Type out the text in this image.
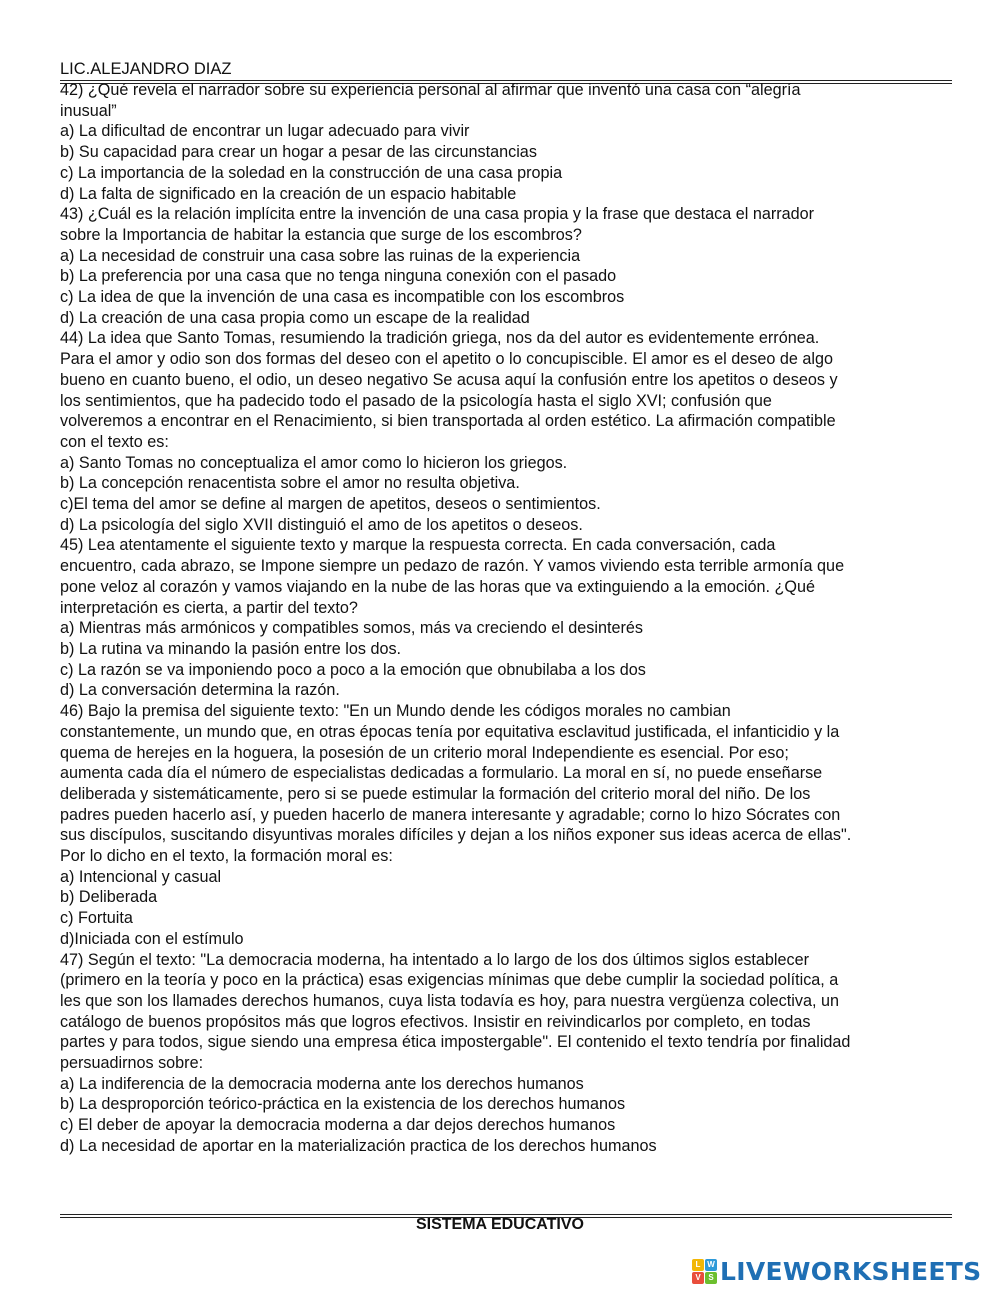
LIC.ALEJANDRO DIAZ

42) ¿Qué revela el narrador sobre su experiencia personal al afirmar que inventó una casa con “alegría

inusual”

a) La dificultad de encontrar un lugar adecuado para vivir

b) Su capacidad para crear un hogar a pesar de las circunstancias

c) La importancia de la soledad en la construcción de una casa propia

d) La falta de significado en la creación de un espacio habitable

43) ¿Cuál es la relación implícita entre la invención de una casa propia y la frase que destaca el narrador

sobre la Importancia de habitar la estancia que surge de los escombros?

a) La necesidad de construir una casa sobre las ruinas de la experiencia

b) La preferencia por una casa que no tenga ninguna conexión con el pasado

c) La idea de que la invención de una casa es incompatible con los escombros

d) La creación de una casa propia como un escape de la realidad

44) La idea que Santo Tomas, resumiendo la tradición griega, nos da del autor es evidentemente errónea.

Para el amor y odio son dos formas del deseo con el apetito o lo concupiscible. El amor es el deseo de algo

bueno en cuanto bueno, el odio, un deseo negativo Se acusa aquí la confusión entre los apetitos o deseos y

los sentimientos, que ha padecido todo el pasado de la psicología hasta el siglo XVI; confusión que

volveremos a encontrar en el Renacimiento, si bien transportada al orden estético. La afirmación compatible

con el texto es:

a) Santo Tomas no conceptualiza el amor como lo hicieron los griegos.

b) La concepción renacentista sobre el amor no resulta objetiva.

c)El tema del amor se define al margen de apetitos, deseos o sentimientos.

d) La psicología del siglo XVII distinguió el amo de los apetitos o deseos.

45) Lea atentamente el siguiente texto y marque la respuesta correcta. En cada conversación, cada

encuentro, cada abrazo, se Impone siempre un pedazo de razón. Y vamos viviendo esta terrible armonía que

pone veloz al corazón y vamos viajando en la nube de las horas que va extinguiendo a la emoción. ¿Qué

interpretación es cierta, a partir del texto?

a) Mientras más armónicos y compatibles somos, más va creciendo el desinterés

b) La rutina va minando la pasión entre los dos.

c) La razón se va imponiendo poco a poco a la emoción que obnubilaba a los dos

d) La conversación determina la razón.

46) Bajo la premisa del siguiente texto: "En un Mundo dende les códigos morales no cambian

constantemente, un mundo que, en otras épocas tenía por equitativa esclavitud justificada, el infanticidio y la

quema de herejes en la hoguera, la posesión de un criterio moral Independiente es esencial. Por eso;

aumenta cada día el número de especialistas dedicadas a formulario. La moral en sí, no puede enseñarse

deliberada y sistemáticamente, pero si se puede estimular la formación del criterio moral del niño. De los

padres pueden hacerlo así, y pueden hacerlo de manera interesante y agradable; corno lo hizo Sócrates con

sus discípulos, suscitando disyuntivas morales difíciles y dejan a los niños exponer sus ideas acerca de ellas".

Por lo dicho en el texto, la formación moral es:

a) Intencional y casual

b) Deliberada

c) Fortuita

d)Iniciada con el estímulo

47) Según el texto: "La democracia moderna, ha intentado a lo largo de los dos últimos siglos establecer

(primero en la teoría y poco en la práctica) esas exigencias mínimas que debe cumplir la sociedad política, a

les que son los llamades derechos humanos, cuya lista todavía es hoy, para nuestra vergüenza colectiva, un

catálogo de buenos propósitos más que logros efectivos. Insistir en reivindicarlos por completo, en todas

partes y para todos, sigue siendo una empresa ética impostergable". El contenido el texto tendría por finalidad

persuadirnos sobre:

a) La indiferencia de la democracia moderna ante los derechos humanos

b) La desproporción teórico-práctica en la existencia de los derechos humanos

c) El deber de apoyar la democracia moderna a dar dejos derechos humanos

d) La necesidad de aportar en la materialización practica de los derechos humanos

SISTEMA EDUCATIVO
L W
V S LIVEWORKSHEETS
